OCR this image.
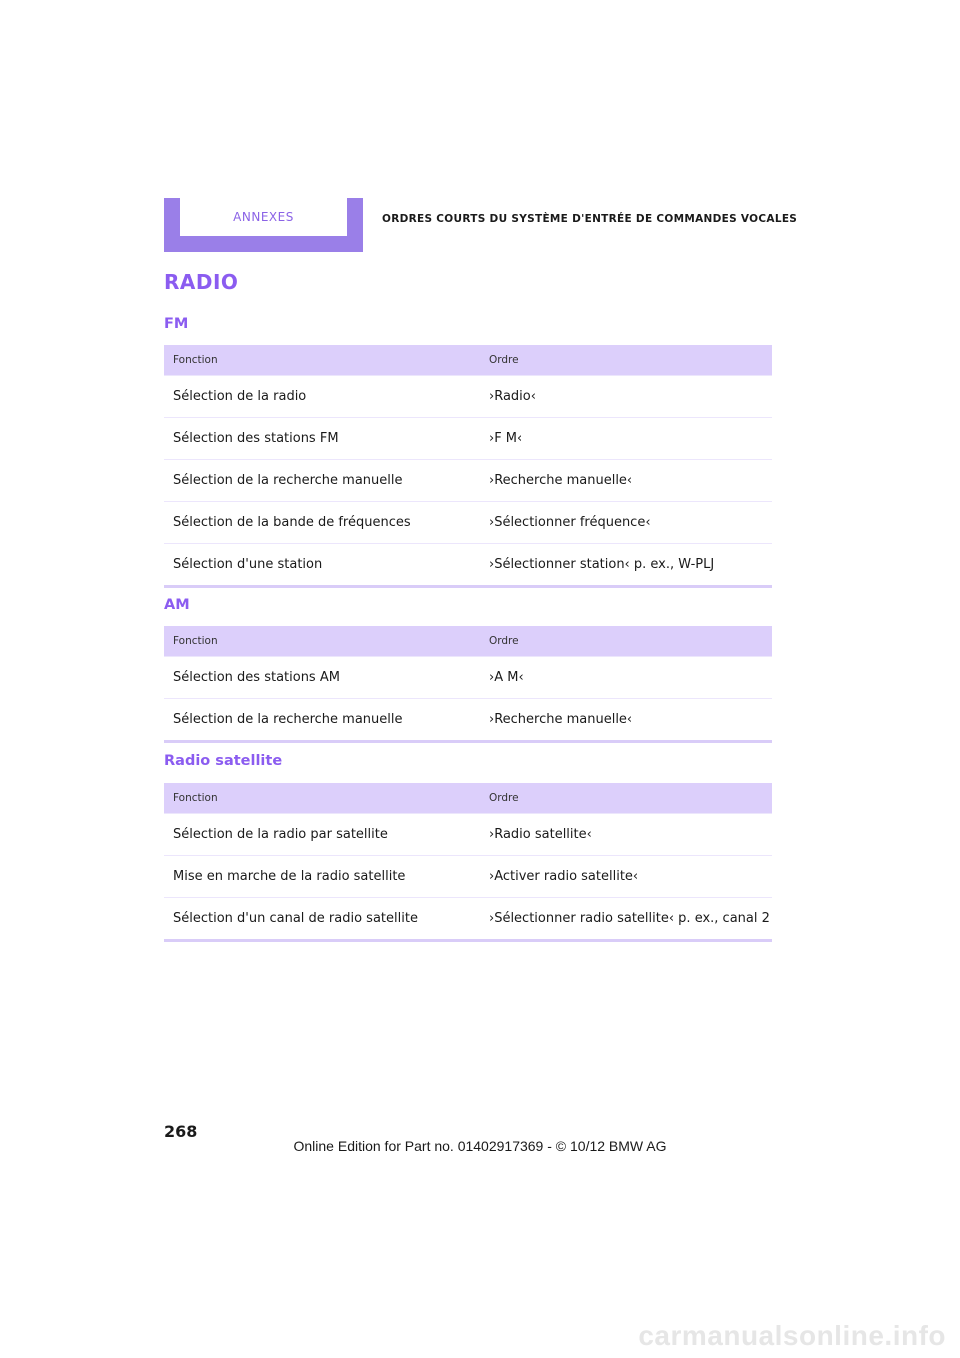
ANNEXES	ORDRES COURTS DU SYSTÈME D'ENTRÉE DE COMMANDES VOCALES
RADIO
FM
Fonction	Ordre
Sélection de la radio	›Radio‹
Sélection des stations FM	›F M‹
Sélection de la recherche manuelle	›Recherche manuelle‹
Sélection de la bande de fréquences	›Sélectionner fréquence‹
Sélection d'une station	›Sélectionner station‹ p. ex., W-PLJ
AM
Fonction	Ordre
Sélection des stations AM	›A M‹
Sélection de la recherche manuelle	›Recherche manuelle‹
Radio satellite
Fonction	Ordre
Sélection de la radio par satellite	›Radio satellite‹
Mise en marche de la radio satellite	›Activer radio satellite‹
Sélection d'un canal de radio satellite	›Sélectionner radio satellite‹ p. ex., canal 2
268
Online Edition for Part no. 01402917369 - © 10/12 BMW AG
carmanualsonline.info
